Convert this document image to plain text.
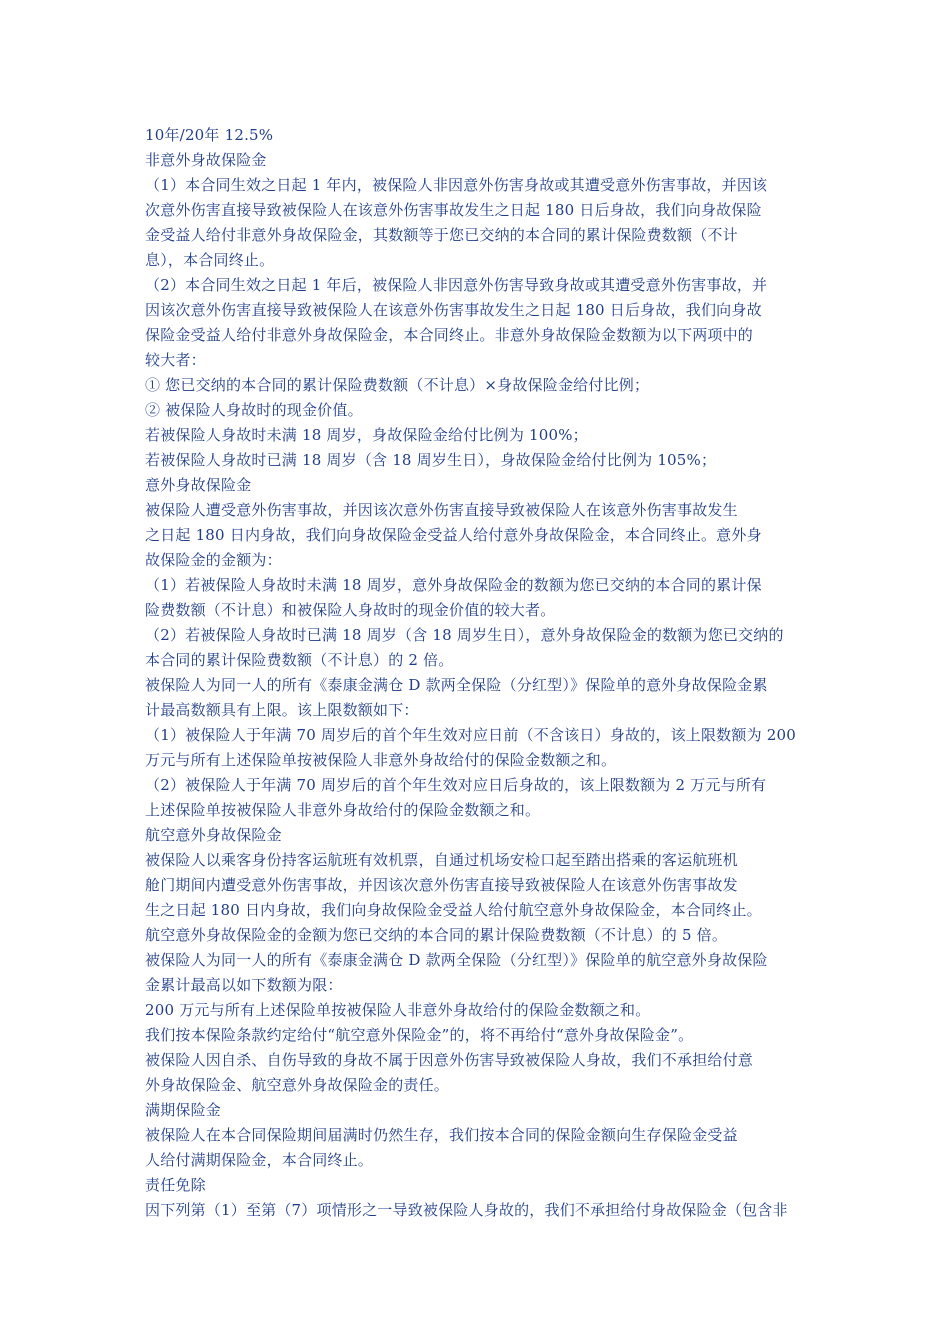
10年/20年 12.5%
非意外身故保险金
（1）本合同生效之日起 1 年内，被保险人非因意外伤害身故或其遭受意外伤害事故，并因该
次意外伤害直接导致被保险人在该意外伤害事故发生之日起 180 日后身故，我们向身故保险
金受益人给付非意外身故保险金，其数额等于您已交纳的本合同的累计保险费数额（不计
息），本合同终止。
（2）本合同生效之日起 1 年后，被保险人非因意外伤害导致身故或其遭受意外伤害事故，并
因该次意外伤害直接导致被保险人在该意外伤害事故发生之日起 180 日后身故，我们向身故
保险金受益人给付非意外身故保险金，本合同终止。非意外身故保险金数额为以下两项中的
较大者：
① 您已交纳的本合同的累计保险费数额（不计息）×身故保险金给付比例；
② 被保险人身故时的现金价值。
若被保险人身故时未满 18 周岁，身故保险金给付比例为 100%；
若被保险人身故时已满 18 周岁（含 18 周岁生日），身故保险金给付比例为 105%；
意外身故保险金
被保险人遭受意外伤害事故，并因该次意外伤害直接导致被保险人在该意外伤害事故发生
之日起 180 日内身故，我们向身故保险金受益人给付意外身故保险金，本合同终止。意外身
故保险金的金额为：
（1）若被保险人身故时未满 18 周岁，意外身故保险金的数额为您已交纳的本合同的累计保
险费数额（不计息）和被保险人身故时的现金价值的较大者。
（2）若被保险人身故时已满 18 周岁（含 18 周岁生日），意外身故保险金的数额为您已交纳的
本合同的累计保险费数额（不计息）的 2 倍。
被保险人为同一人的所有《泰康金满仓 D 款两全保险（分红型）》保险单的意外身故保险金累
计最高数额具有上限。该上限数额如下：
（1）被保险人于年满 70 周岁后的首个年生效对应日前（不含该日）身故的，该上限数额为 200
万元与所有上述保险单按被保险人非意外身故给付的保险金数额之和。
（2）被保险人于年满 70 周岁后的首个年生效对应日后身故的，该上限数额为 2 万元与所有
上述保险单按被保险人非意外身故给付的保险金数额之和。
航空意外身故保险金
被保险人以乘客身份持客运航班有效机票，自通过机场安检口起至踏出搭乘的客运航班机
舱门期间内遭受意外伤害事故，并因该次意外伤害直接导致被保险人在该意外伤害事故发
生之日起 180 日内身故，我们向身故保险金受益人给付航空意外身故保险金，本合同终止。
航空意外身故保险金的金额为您已交纳的本合同的累计保险费数额（不计息）的 5 倍。
被保险人为同一人的所有《泰康金满仓 D 款两全保险（分红型）》保险单的航空意外身故保险
金累计最高以如下数额为限：
200 万元与所有上述保险单按被保险人非意外身故给付的保险金数额之和。
我们按本保险条款约定给付“航空意外保险金”的，将不再给付“意外身故保险金”。
被保险人因自杀、自伤导致的身故不属于因意外伤害导致被保险人身故，我们不承担给付意
外身故保险金、航空意外身故保险金的责任。
满期保险金
被保险人在本合同保险期间届满时仍然生存，我们按本合同的保险金额向生存保险金受益
人给付满期保险金，本合同终止。
责任免除
因下列第（1）至第（7）项情形之一导致被保险人身故的，我们不承担给付身故保险金（包含非
